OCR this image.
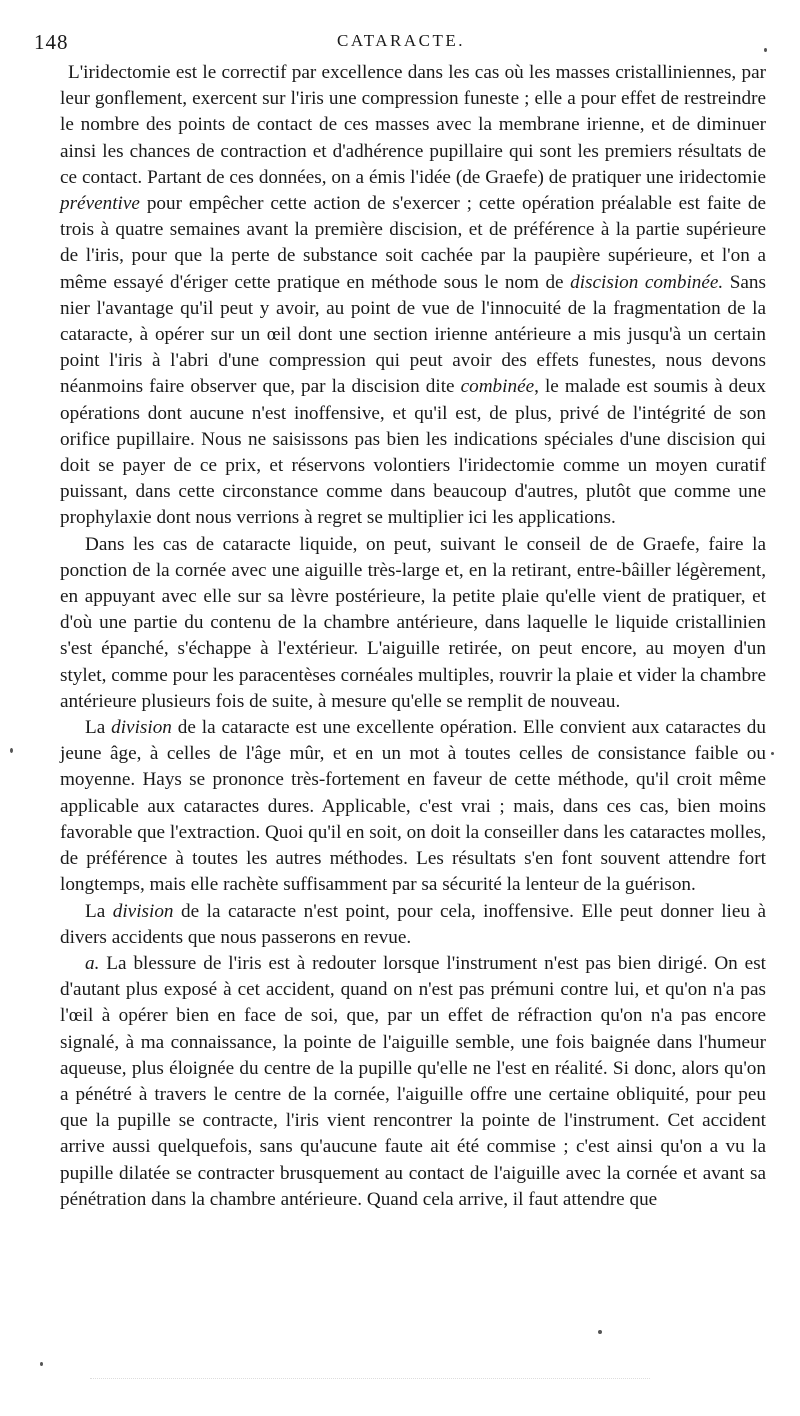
148	CATARACTE.

L'iridectomie est le correctif par excellence dans les cas où les masses cristalliniennes, par leur gonflement, exercent sur l'iris une compression funeste ; elle a pour effet de restreindre le nombre des points de contact de ces masses avec la membrane irienne, et de diminuer ainsi les chances de contraction et d'adhérence pupillaire qui sont les premiers résultats de ce contact. Partant de ces données, on a émis l'idée (de Graefe) de pratiquer une iridectomie préventive pour empêcher cette action de s'exercer ; cette opération préalable est faite de trois à quatre semaines avant la première discision, et de préférence à la partie supérieure de l'iris, pour que la perte de substance soit cachée par la paupière supérieure, et l'on a même essayé d'ériger cette pratique en méthode sous le nom de discision combinée. Sans nier l'avantage qu'il peut y avoir, au point de vue de l'innocuité de la fragmentation de la cataracte, à opérer sur un œil dont une section irienne antérieure a mis jusqu'à un certain point l'iris à l'abri d'une compression qui peut avoir des effets funestes, nous devons néanmoins faire observer que, par la discision dite combinée, le malade est soumis à deux opérations dont aucune n'est inoffensive, et qu'il est, de plus, privé de l'intégrité de son orifice pupillaire. Nous ne saisissons pas bien les indications spéciales d'une discision qui doit se payer de ce prix, et réservons volontiers l'iridectomie comme un moyen curatif puissant, dans cette circonstance comme dans beaucoup d'autres, plutôt que comme une prophylaxie dont nous verrions à regret se multiplier ici les applications.

Dans les cas de cataracte liquide, on peut, suivant le conseil de de Graefe, faire la ponction de la cornée avec une aiguille très-large et, en la retirant, entre-bâiller légèrement, en appuyant avec elle sur sa lèvre postérieure, la petite plaie qu'elle vient de pratiquer, et d'où une partie du contenu de la chambre antérieure, dans laquelle le liquide cristallinien s'est épanché, s'échappe à l'extérieur. L'aiguille retirée, on peut encore, au moyen d'un stylet, comme pour les paracentèses cornéales multiples, rouvrir la plaie et vider la chambre antérieure plusieurs fois de suite, à mesure qu'elle se remplit de nouveau.

La division de la cataracte est une excellente opération. Elle convient aux cataractes du jeune âge, à celles de l'âge mûr, et en un mot à toutes celles de consistance faible ou moyenne. Hays se prononce très-fortement en faveur de cette méthode, qu'il croit même applicable aux cataractes dures. Applicable, c'est vrai ; mais, dans ces cas, bien moins favorable que l'extraction. Quoi qu'il en soit, on doit la conseiller dans les cataractes molles, de préférence à toutes les autres méthodes. Les résultats s'en font souvent attendre fort longtemps, mais elle rachète suffisamment par sa sécurité la lenteur de la guérison.

La division de la cataracte n'est point, pour cela, inoffensive. Elle peut donner lieu à divers accidents que nous passerons en revue.

a. La blessure de l'iris est à redouter lorsque l'instrument n'est pas bien dirigé. On est d'autant plus exposé à cet accident, quand on n'est pas prémuni contre lui, et qu'on n'a pas l'œil à opérer bien en face de soi, que, par un effet de réfraction qu'on n'a pas encore signalé, à ma connaissance, la pointe de l'aiguille semble, une fois baignée dans l'humeur aqueuse, plus éloignée du centre de la pupille qu'elle ne l'est en réalité. Si donc, alors qu'on a pénétré à travers le centre de la cornée, l'aiguille offre une certaine obliquité, pour peu que la pupille se contracte, l'iris vient rencontrer la pointe de l'instrument. Cet accident arrive aussi quelquefois, sans qu'aucune faute ait été commise ; c'est ainsi qu'on a vu la pupille dilatée se contracter brusquement au contact de l'aiguille avec la cornée et avant sa pénétration dans la chambre antérieure. Quand cela arrive, il faut attendre que
